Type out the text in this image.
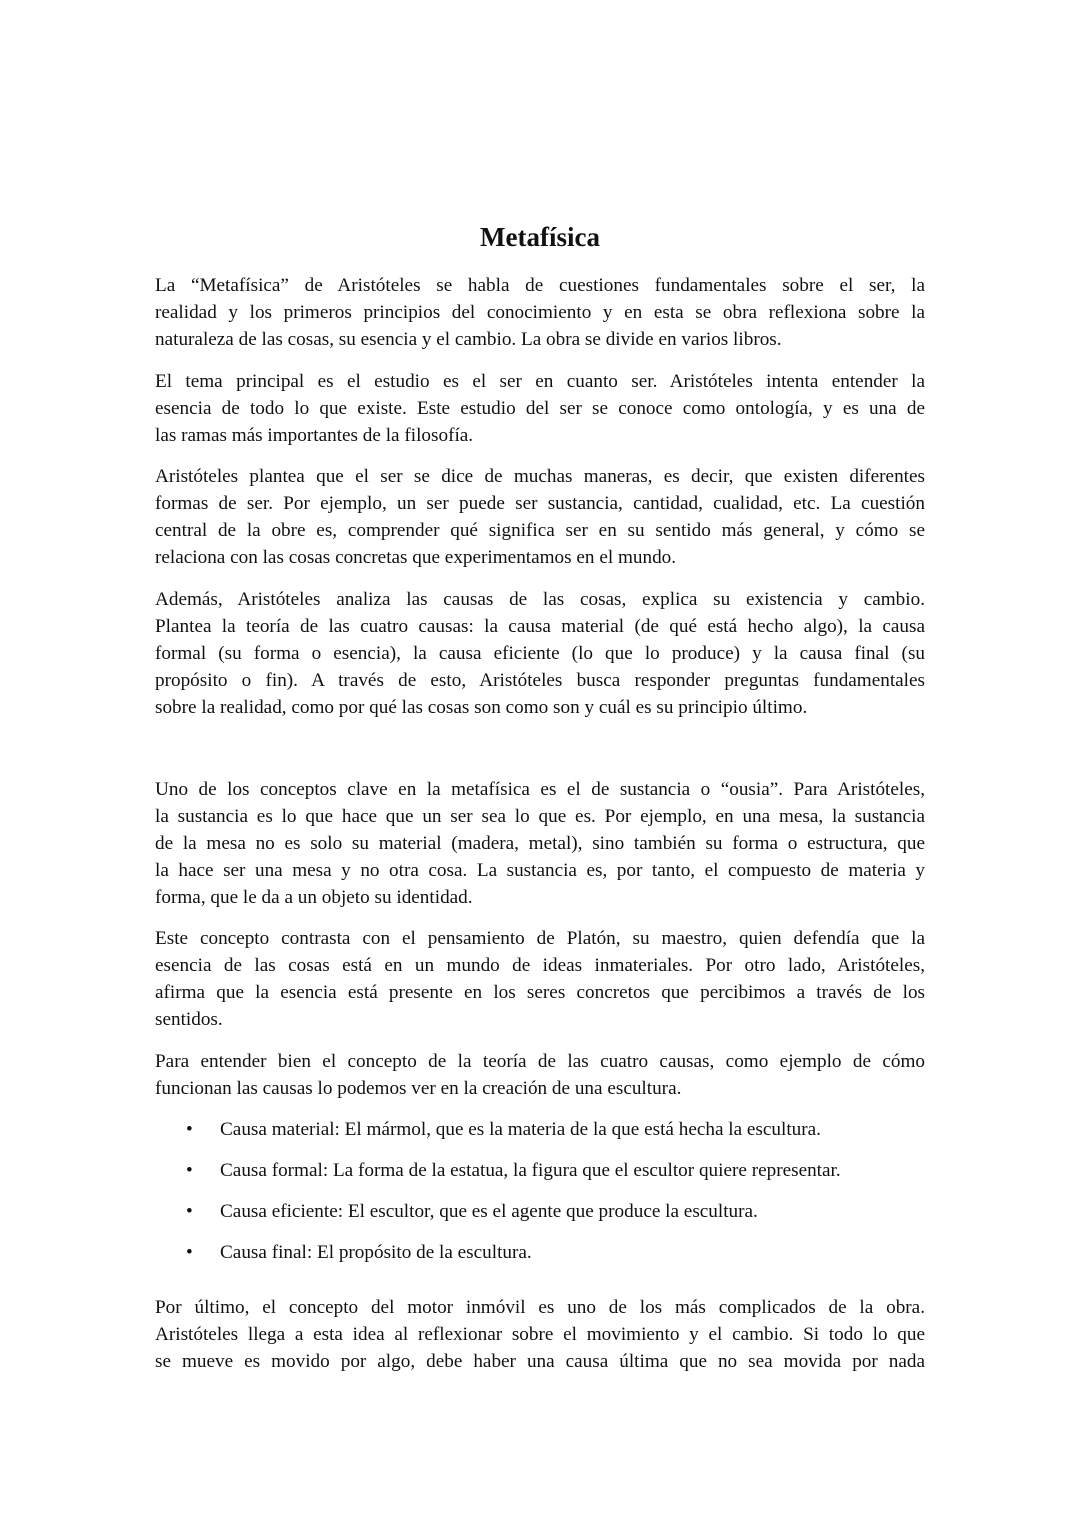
Metafísica
La “Metafísica” de Aristóteles se habla de cuestiones fundamentales sobre el ser, la
realidad y los primeros principios del conocimiento y en esta se obra reflexiona sobre la
naturaleza de las cosas, su esencia y el cambio. La obra se divide en varios libros.
El tema principal es el estudio es el ser en cuanto ser. Aristóteles intenta entender la
esencia de todo lo que existe. Este estudio del ser se conoce como ontología, y es una de
las ramas más importantes de la filosofía.
Aristóteles plantea que el ser se dice de muchas maneras, es decir, que existen diferentes
formas de ser. Por ejemplo, un ser puede ser sustancia, cantidad, cualidad, etc. La cuestión
central de la obre es, comprender qué significa ser en su sentido más general, y cómo se
relaciona con las cosas concretas que experimentamos en el mundo.
Además, Aristóteles analiza las causas de las cosas, explica su existencia y cambio.
Plantea la teoría de las cuatro causas: la causa material (de qué está hecho algo), la causa
formal (su forma o esencia), la causa eficiente (lo que lo produce) y la causa final (su
propósito o fin). A través de esto, Aristóteles busca responder preguntas fundamentales
sobre la realidad, como por qué las cosas son como son y cuál es su principio último.
Uno de los conceptos clave en la metafísica es el de sustancia o “ousia”. Para Aristóteles,
la sustancia es lo que hace que un ser sea lo que es. Por ejemplo, en una mesa, la sustancia
de la mesa no es solo su material (madera, metal), sino también su forma o estructura, que
la hace ser una mesa y no otra cosa. La sustancia es, por tanto, el compuesto de materia y
forma, que le da a un objeto su identidad.
Este concepto contrasta con el pensamiento de Platón, su maestro, quien defendía que la
esencia de las cosas está en un mundo de ideas inmateriales. Por otro lado, Aristóteles,
afirma que la esencia está presente en los seres concretos que percibimos a través de los
sentidos.
Para entender bien el concepto de la teoría de las cuatro causas, como ejemplo de cómo
funcionan las causas lo podemos ver en la creación de una escultura.
• Causa material: El mármol, que es la materia de la que está hecha la escultura.
• Causa formal: La forma de la estatua, la figura que el escultor quiere representar.
• Causa eficiente: El escultor, que es el agente que produce la escultura.
• Causa final: El propósito de la escultura.
Por último, el concepto del motor inmóvil es uno de los más complicados de la obra.
Aristóteles llega a esta idea al reflexionar sobre el movimiento y el cambio. Si todo lo que
se mueve es movido por algo, debe haber una causa última que no sea movida por nada
